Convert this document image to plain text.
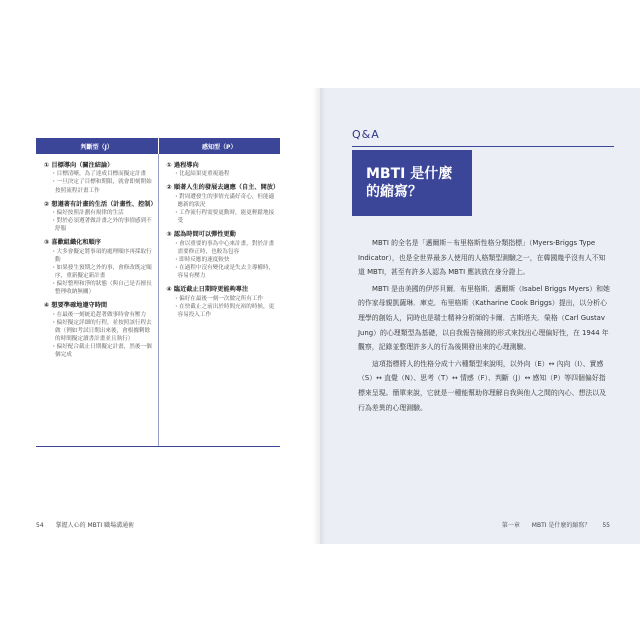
判斷型（J）	感知型（P）
① 目標導向（關注結論）
・目標清晰，為了達成目標而擬定計畫
・一旦決定了目標和期限，就會即刻開始按照流程計畫工作
② 想遵著有計畫的生活（計畫性、控制）
・偏好按照計劃有規律的生活
・對於必須遵著做計畫之外的事情感到不舒服
③ 喜歡組織化和順序
・大多會擬定將事項的處理順序再採取行動
・如果發生預期之外的事，會修改既定順序，重新擬定新計畫
・偏好整理和淨的狀態（與自己是否擅長整理收納無關）
④ 想要準確地遵守時間
・在最後一刻統追趕著做事時會有壓力
・偏好擬定詳細的行程，並按照該行程去做（例如考試日期出來後，會根據剩餘的時間擬定讀書計畫並且執行）
・偏好配合截止日期擬定計畫，然後一個個完成
① 過程導向
・比起結果更重視過程
② 順著人生的發展去適應（自主、開放）
・對周遭發生的事情充滿好奇心，但能適應新的狀況
・工作流行程需要更動時，能更輕鬆地接受
③ 認為時間可以彈性更動
・會以重要的事為中心來計畫，對於計畫需要修正時，也較為包容
・即時反應的速度較快
・在過程中沒有變化或是失去主導權時，容易有壓力
④ 臨近截止日期時更能夠專注
・偏好在最後一刻一次做完所有工作
・在快截止之前出於時間充裕的時候，更容易投入工作
54 掌握人心的 MBTI 職場溝通術
Q&A
MBTI 是什麼
的縮寫？

MBTI 的全名是「邁爾斯－布里格斯性格分類指標」（Myers-Briggs Type Indicator），也是全世界最多人使用的人格類型測驗之一，在韓國幾乎沒有人不知道 MBTI，甚至有許多人認為 MBTI 應該放在身分證上。

MBTI 是由美國的伊莎貝爾．布里格斯．邁爾斯（Isabel Briggs Myers）和她的作家母親凱薩琳．庫克．布里格斯（Katharine Cook Briggs）提出，以分析心理學的創始人，同時也是瑞士精神分析師的卡爾．古斯塔夫．榮格（Carl Gustav Jung）的心理類型為基礎，以自我報告檢測的形式來找出心理偏好性，在 1944 年觀察，記錄並整理許多人的行為後開發出來的心理測驗。

這項指標將人的性格分成十六種類型來說明，以外向（E）↔ 內向（I）、實感（S）↔ 直覺（N）、思考（T）↔ 情感（F）、判斷（J）↔ 感知（P）等四個偏好指標來呈現。簡單來說，它就是一種能幫助你理解自我與他人之間的內心、想法以及行為差異的心理測驗。

第一章 MBTI 是什麼的縮寫？ 55
